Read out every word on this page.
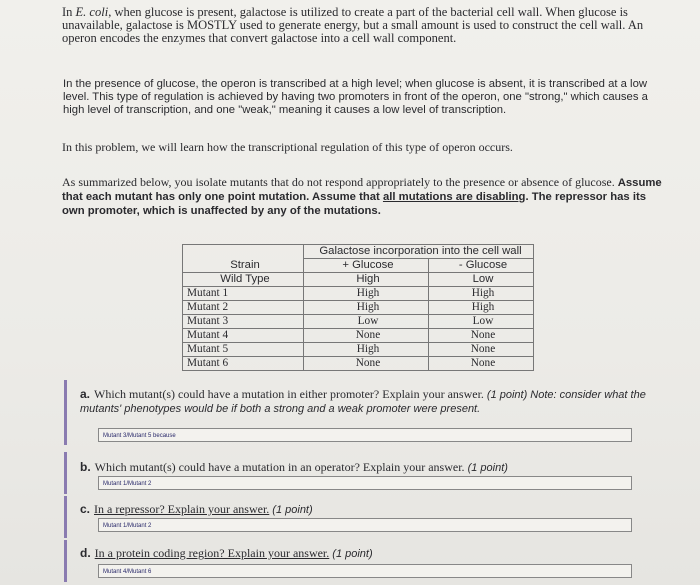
In E. coli, when glucose is present, galactose is utilized to create a part of the bacterial cell wall. When glucose is unavailable, galactose is MOSTLY used to generate energy, but a small amount is used to construct the cell wall. An operon encodes the enzymes that convert galactose into a cell wall component.

In the presence of glucose, the operon is transcribed at a high level; when glucose is absent, it is transcribed at a low level. This type of regulation is achieved by having two promoters in front of the operon, one "strong," which causes a high level of transcription, and one "weak," meaning it causes a low level of transcription.

In this problem, we will learn how the transcriptional regulation of this type of operon occurs.

As summarized below, you isolate mutants that do not respond appropriately to the presence or absence of glucose. Assume that each mutant has only one point mutation. Assume that all mutations are disabling. The repressor has its own promoter, which is unaffected by any of the mutations.

	Galactose incorporation into the cell wall	
Strain	+ Glucose	- Glucose
Wild Type	High	Low
Mutant 1	High	High
Mutant 2	High	High
Mutant 3	Low	Low
Mutant 4	None	None
Mutant 5	High	None
Mutant 6	None	None
a. Which mutant(s) could have a mutation in either promoter? Explain your answer. (1 point) Note: consider what the mutants' phenotypes would be if both a strong and a weak promoter were present.
Mutant 3/Mutant 5 because
b. Which mutant(s) could have a mutation in an operator? Explain your answer. (1 point)
Mutant 1/Mutant 2
c. In a repressor? Explain your answer. (1 point)
Mutant 1/Mutant 2
d. In a protein coding region? Explain your answer. (1 point)
Mutant 4/Mutant 6
